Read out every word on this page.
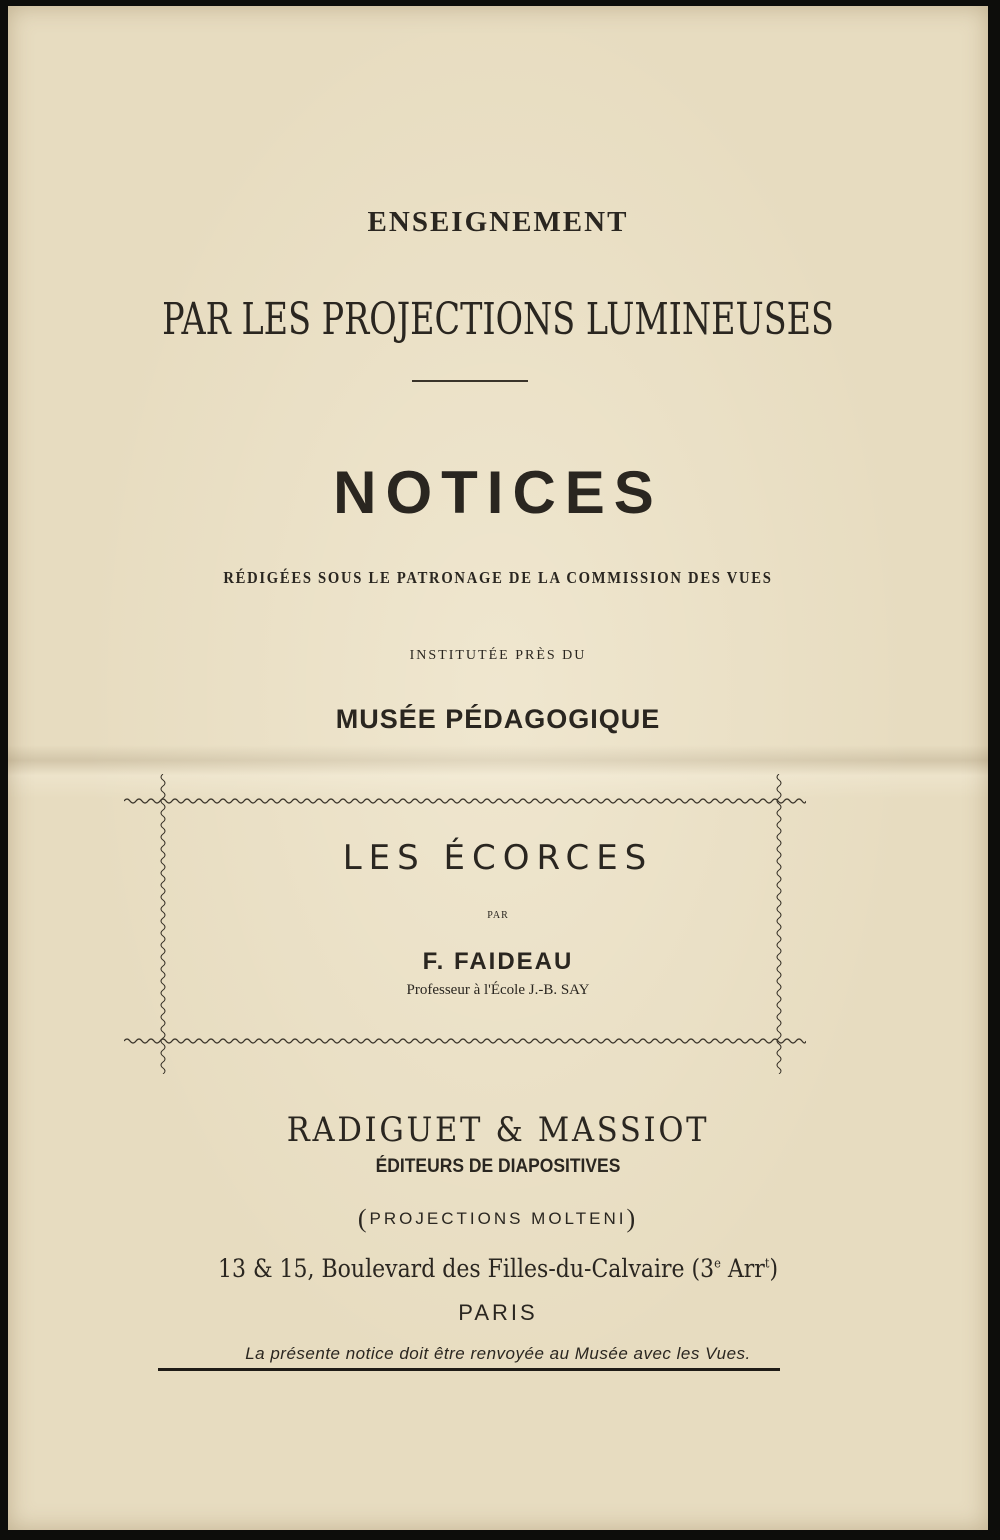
ENSEIGNEMENT

PAR LES PROJECTIONS LUMINEUSES

NOTICES

RÉDIGÉES SOUS LE PATRONAGE DE LA COMMISSION DES VUES

INSTITUTÉE PRÈS DU

MUSÉE PÉDAGOGIQUE

LES ÉCORCES

PAR

F. FAIDEAU

Professeur à l'École J.-B. SAY

RADIGUET & MASSIOT

ÉDITEURS DE DIAPOSITIVES

(PROJECTIONS MOLTENI)

13 & 15, Boulevard des Filles-du-Calvaire (3e Arr$^t$)

PARIS

La présente notice doit être renvoyée au Musée avec les Vues.
